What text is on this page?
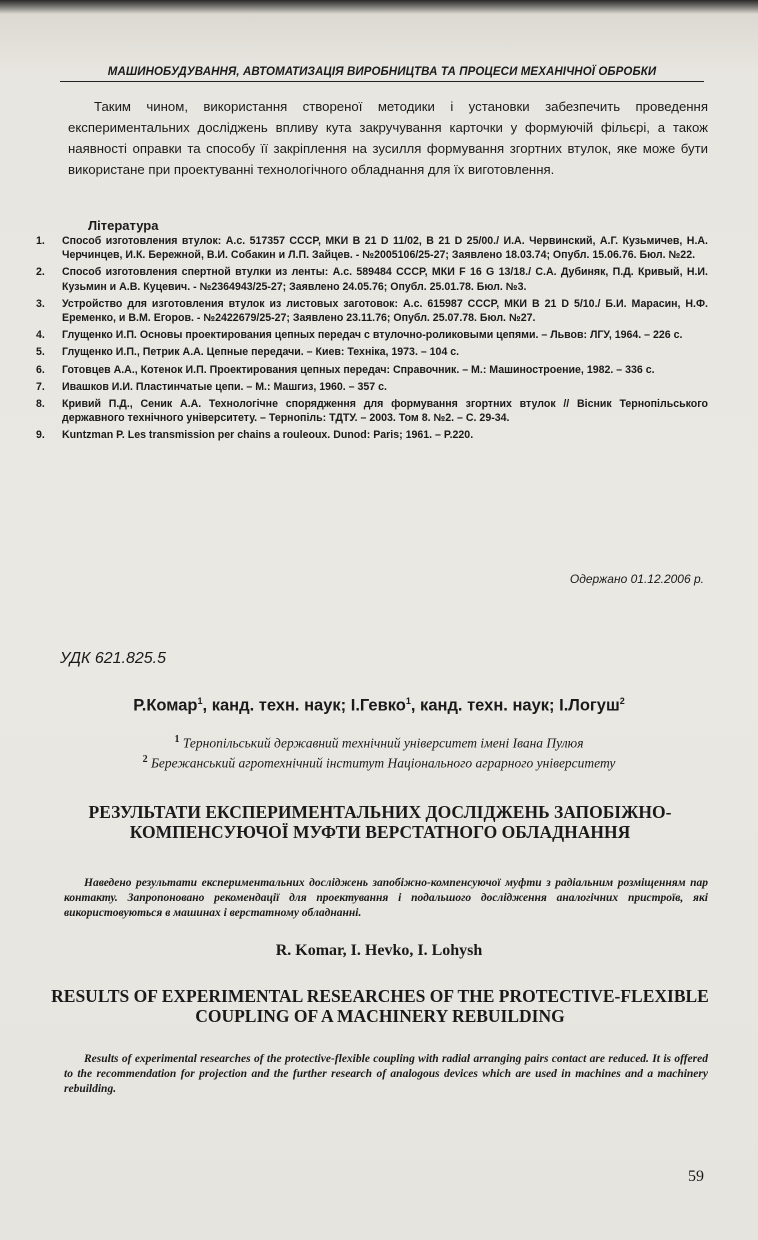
МАШИНОБУДУВАННЯ, АВТОМАТИЗАЦІЯ ВИРОБНИЦТВА ТА ПРОЦЕСИ МЕХАНІЧНОЇ ОБРОБКИ

Таким чином, використання створеної методики і установки забезпечить проведення експериментальних досліджень впливу кута закручування карточки у формуючій фільєрі, а також наявності оправки та способу її закріплення на зусилля формування згортних втулок, яке може бути використане при проектуванні технологічного обладнання для їх виготовлення.

Література
1. Способ изготовления втулок: А.с. 517357 СССР, МКИ В 21 D 11/02, В 21 D 25/00./ И.А. Червинский, А.Г. Кузьмичев, Н.А. Черчинцев, И.К. Бережной, В.И. Собакин и Л.П. Зайцев. - №2005106/25-27; Заявлено 18.03.74; Опубл. 15.06.76. Бюл. №22.
2. Способ изготовления спертной втулки из ленты: А.с. 589484 СССР, МКИ F 16 G 13/18./ С.А. Дубиняк, П.Д. Кривый, Н.И. Кузьмин и А.В. Куцевич. - №2364943/25-27; Заявлено 24.05.76; Опубл. 25.01.78. Бюл. №3.
3. Устройство для изготовления втулок из листовых заготовок: А.с. 615987 СССР, МКИ В 21 D 5/10./ Б.И. Марасин, Н.Ф. Еременко, и В.М. Егоров. - №2422679/25-27; Заявлено 23.11.76; Опубл. 25.07.78. Бюл. №27.
4. Глущенко И.П. Основы проектирования цепных передач с втулочно-роликовыми цепями. – Львов: ЛГУ, 1964. – 226 с.
5. Глущенко И.П., Петрик А.А. Цепные передачи. – Киев: Техніка, 1973. – 104 с.
6. Готовцев А.А., Котенок И.П. Проектирования цепных передач: Справочник. – М.: Машиностроение, 1982. – 336 с.
7. Ивашков И.И. Пластинчатые цепи. – М.: Машгиз, 1960. – 357 с.
8. Кривий П.Д., Сеник А.А. Технологічне спорядження для формування згортних втулок // Вісник Тернопільського державного технічного університету. – Тернопіль: ТДТУ. – 2003. Том 8. №2. – С. 29-34.
9. Kuntzman P. Les transmission per chains a rouleoux. Dunod: Paris; 1961. – P.220.
Одержано 01.12.2006 р.
УДК 621.825.5
Р.Комар$^1$, канд. техн. наук; І.Гевко$^1$, канд. техн. наук; І.Логуш$^2$
$^1$ Тернопільський державний технічний університет імені Івана Пулюя
$^2$ Бережанський агротехнічний інститут Національного аграрного університету
РЕЗУЛЬТАТИ ЕКСПЕРИМЕНТАЛЬНИХ ДОСЛІДЖЕНЬ ЗАПОБІЖНО-КОМПЕНСУЮЧОЇ МУФТИ ВЕРСТАТНОГО ОБЛАДНАННЯ

Наведено результати експериментальних досліджень запобіжно-компенсуючої муфти з радіальним розміщенням пар контакту. Запропоновано рекомендації для проектування і подальшого дослідження аналогічних пристроїв, які використовуються в машинах і верстатному обладнанні.

R. Komar, I. Hevko, I. Lohysh
RESULTS OF EXPERIMENTAL RESEARCHES OF THE PROTECTIVE-FLEXIBLE COUPLING OF A MACHINERY REBUILDING

Results of experimental researches of the protective-flexible coupling with radial arranging pairs contact are reduced. It is offered to the recommendation for projection and the further research of analogous devices which are used in machines and a machinery rebuilding.

59
